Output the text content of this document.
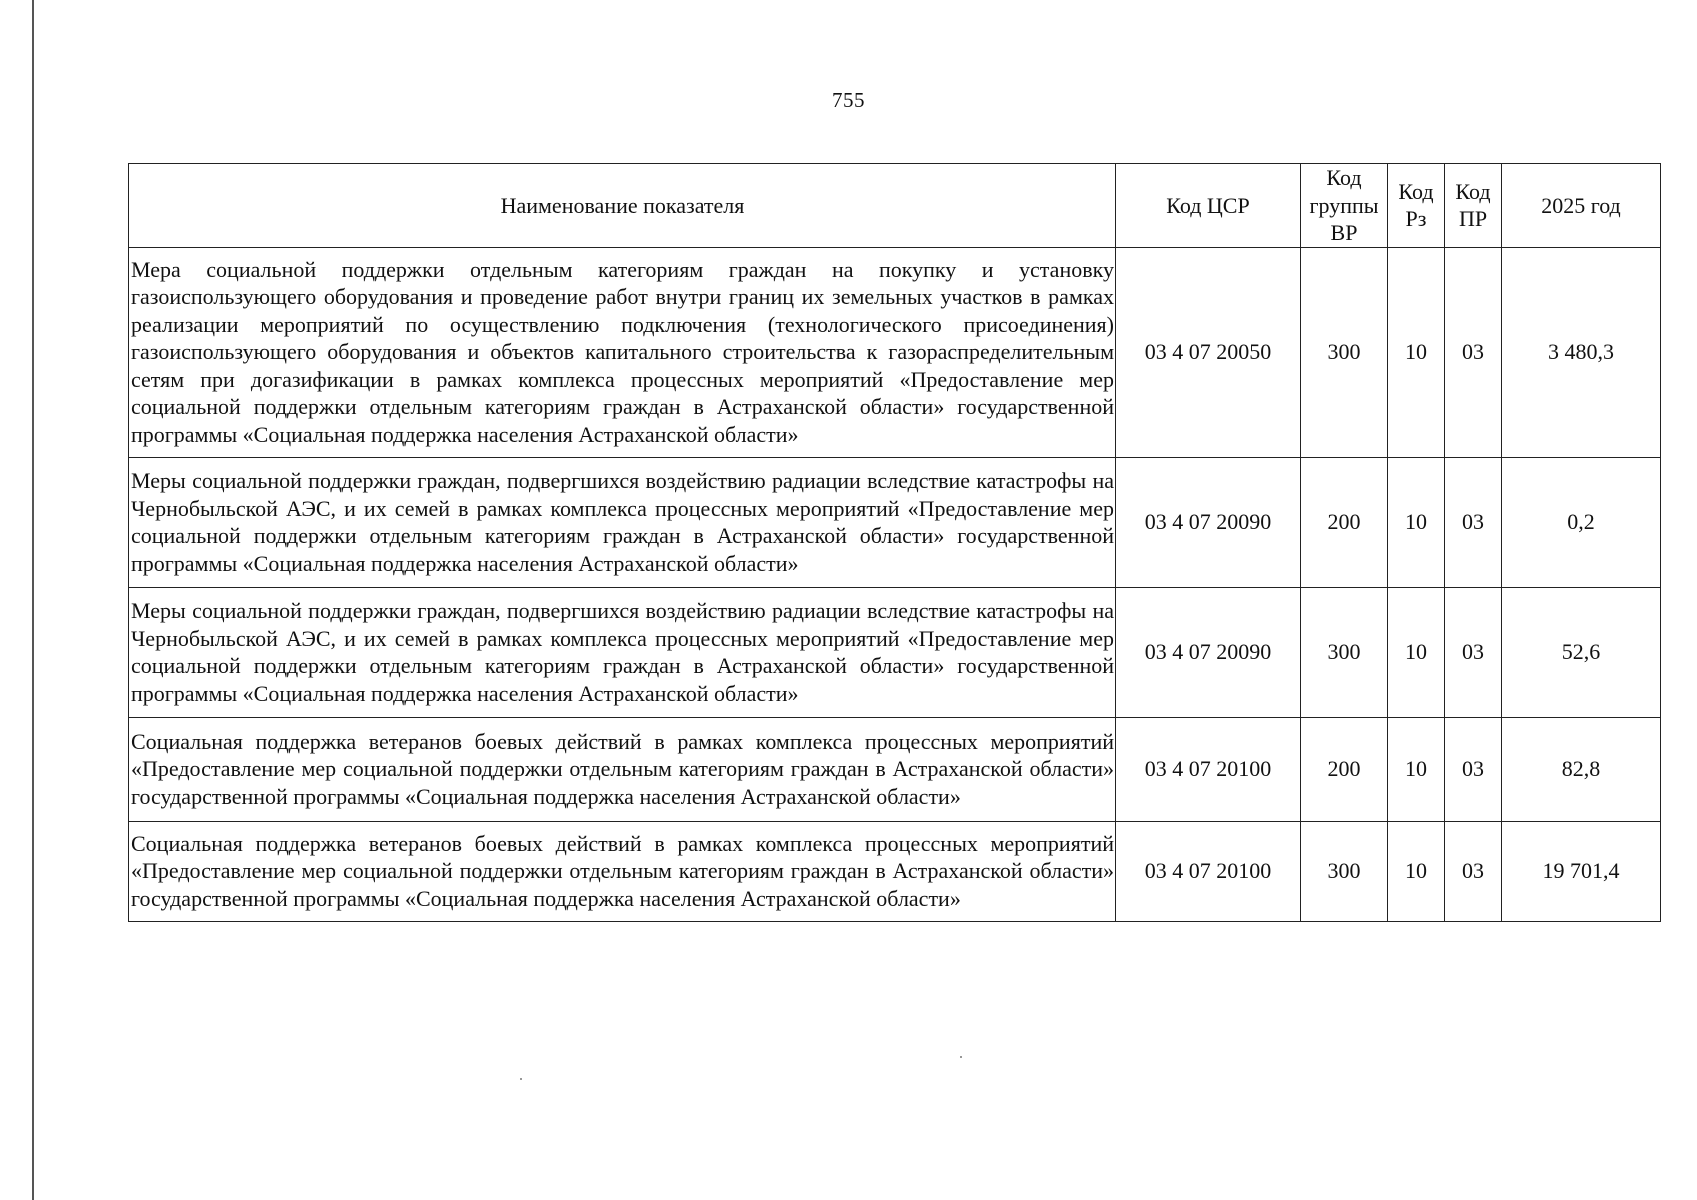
755
Наименование показателя	Код ЦСР	Код группы ВР	Код Рз	Код ПР	2025 год
Мера социальной поддержки отдельным категориям граждан на покупку и установку газоиспользующего оборудования и проведение работ внутри границ их земельных участков в рамках реализации мероприятий по осуществлению подключения (технологического присоединения) газоиспользующего оборудования и объектов капитального строительства к газораспределительным сетям при догазификации в рамках комплекса процессных мероприятий «Предоставление мер социальной поддержки отдельным категориям граждан в Астраханской области» государственной программы «Социальная поддержка населения Астраханской области»	03 4 07 20050	300	10	03	3 480,3
Меры социальной поддержки граждан, подвергшихся воздействию радиации вследствие катастрофы на Чернобыльской АЭС, и их семей в рамках комплекса процессных мероприятий «Предоставление мер социальной поддержки отдельным категориям граждан в Астраханской области» государственной программы «Социальная поддержка населения Астраханской области»	03 4 07 20090	200	10	03	0,2
Меры социальной поддержки граждан, подвергшихся воздействию радиации вследствие катастрофы на Чернобыльской АЭС, и их семей в рамках комплекса процессных мероприятий «Предоставление мер социальной поддержки отдельным категориям граждан в Астраханской области» государственной программы «Социальная поддержка населения Астраханской области»	03 4 07 20090	300	10	03	52,6
Социальная поддержка ветеранов боевых действий в рамках комплекса процессных мероприятий «Предоставление мер социальной поддержки отдельным категориям граждан в Астраханской области» государственной программы «Социальная поддержка населения Астраханской области»	03 4 07 20100	200	10	03	82,8
Социальная поддержка ветеранов боевых действий в рамках комплекса процессных мероприятий «Предоставление мер социальной поддержки отдельным категориям граждан в Астраханской области» государственной программы «Социальная поддержка населения Астраханской области»	03 4 07 20100	300	10	03	19 701,4
